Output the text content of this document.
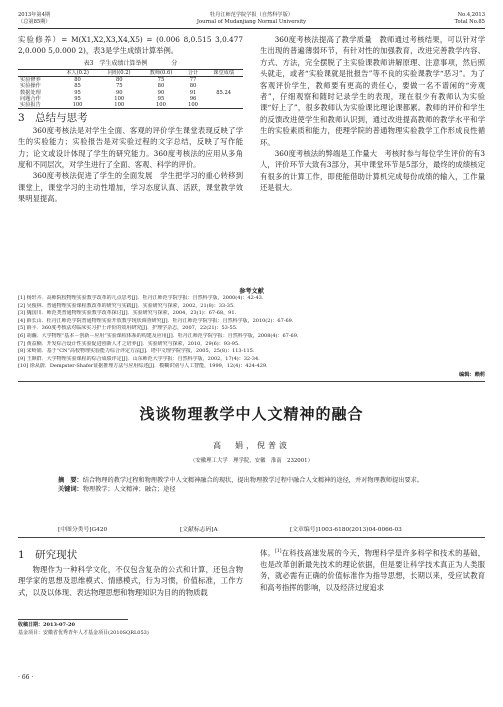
2013年第4期
（总第85期）
牡丹江师范学院学报（自然科学版）
Journal of Mudanjiang Normal University
No.4,2013
Total No.85
实验修养）= M(X1,X2,X3,X4,X5) = (0.006 8,0.515 3,0.477 2,0.000 5,0.000 2)，表3是学生成绩计算举例。
表3　学生成绩计算举例　　　　分
	本人(0.2)	同组(0.2)	教师(0.6)	合计	课堂成绩
实验修养	80	80	75	77	
实验操作	85	75	80	80	
数据处理	95	90	90	91	85.24
问题合作	95	100	95	96	
实验报告	100	100	100	100	
3　总结与思考

360度考核法是对学生全面、客观的评价学生课堂表现反映了学生的实验能力；实验报告是对实验过程的文字总结，反映了写作能力；论文或设计体现了学生的研究能力。360度考核法的应用从多角度和不同层次，对学生进行了全面、客观、科学的评价。

360度考核法促进了学生的全面发展　学生把学习的重心转移到课堂上，课堂学习的主动性增加，学习态度认真、活跃，课堂教学效果明显提高。

360度考核法提高了教学质量　教师通过考核结果，可以针对学生出现的普遍薄弱环节，有针对性的加强教育，改进完善教学内容、方式、方法，完全摆脱了主实验课教师讲解原理、注意事项，然后照头就走，或者“实验课就是批报告”等不良的实验课教学“恶习”。为了客观评价学生，教师要有更高的责任心，要做一名不谱闲的“旁观者”，仔细观察和随时记录学生的表现，现在很少有教师认为实验课“好上了”，很多教师认为实验课比理论课都累。教师的评价和学生的反馈改进使学生和教师认识到，通过改进提高教师的教学水平和学生的实验素质和能力，使理学院的普通物理实验教学工作形成良性循环。

360度考核法的弊端是工作量大　考核时参与每位学生评价的有3人，评价环节大致有3部分，其中课堂环节是5部分，最终的成绩核定有很多的计算工作，即使能借助计算机完成每份成绩的输入，工作量还是很大。

参考文献
[1] 杨轩卉．高师院校物理实验教学改革的几点思考[J]．牡丹江师范学院学报：自然科学版，2000(4)：42-43.
[2] 吴俊林．普通物理实验课程教改革的研究与实践[J]．实验研究与探索，2002，21(8)：33-35.
[3] 魏国川．师范类普通物理实验教学改革探讨[J]．实验研究与探索，2004，23(1)：67-68，91.
[4] 薛长山．杜丹江师范学院普通物理实验开放教学现状调查研究[J]．牡丹江师范学院学报：自然科学版，2010(2)：67-69.
[5] 薛平．360度考核法对临床实习护士评价的效用研究[J]．护理学杂志，2007，22(21)：53-55.
[6] 胡瀚．大学物理“基本－创新－应用”实验课程体系的构建及应用[J]．牡丹江师范学院学报：自然科学版，2008(4)：67-69.
[7] 黄益楠．开发综合设计性实验促进创新人才之培养[J]．实验研究与探索，2010，29(6)：93-95.
[8] 宋岭娟．基于“CN”高校物理实验能力综合评定方法[J]．塔中文理学院学报，2005，25(8)：113-115.
[9] 王颜群．大学物理实验课程的综合成绩评定[J]．山东师范大学学报：自然科学版，2002，17(4)：32-34.
[10] 徐从蔚．Dempster-Shafer证据推理方法与应用综述[J]．模糊识别与人工智能，1999，12(4)：424-429.
编辑：赖莉
浅谈物理教学中人文精神的融合
高　娟，倪普波
（安徽理工大学　理学院，安徽　淮南　232001）
摘　要：结合物理的教学过程和物理教学中人文精神融合的现状，提出物理教学过程中融合人文精神的途径，并对物理教师提出要求。
关键词：物理教学；人文精神；融合；途径
[中图分类号]G420	[文献标志码]A	[文章编号]1003-6180(2013)04-0066-03
1　研究现状

物理作为一种科学文化，不仅包含复杂的公式和计算，还包含物理学家的思想及思维模式、情感模式，行为习惯，价值标准，工作方式，以及以体现、表达物理思想和物理知识为目的的物质载

体。[1]在科技高速发展的今天，物理科学是许多科学和技术的基础，也是改革创新最先技术的理论依据，但是要让科学技术真正为人类服务，就必需有正确的价值标准作为指导思想，长期以来，受应试教育和高考指挥的影响，以及经济过度追求
收稿日期：2013-07-20
基金项目：安徽省优秀青年人才基金项目(2010SQRL053)
· 66 ·
